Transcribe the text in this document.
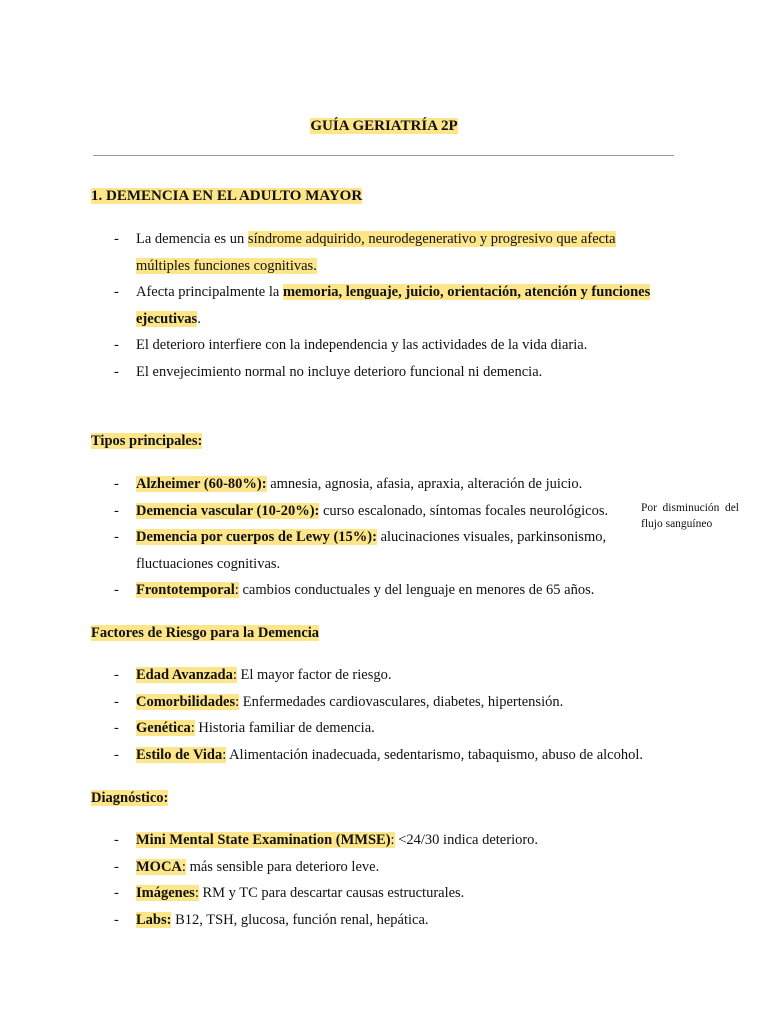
GUÍA GERIATRÍA 2P
1. DEMENCIA EN EL ADULTO MAYOR
- La demencia es un síndrome adquirido, neurodegenerativo y progresivo que afecta múltiples funciones cognitivas.
- Afecta principalmente la memoria, lenguaje, juicio, orientación, atención y funciones ejecutivas.
- El deterioro interfiere con la independencia y las actividades de la vida diaria.
- El envejecimiento normal no incluye deterioro funcional ni demencia.
Tipos principales:
- Alzheimer (60-80%): amnesia, agnosia, afasia, apraxia, alteración de juicio.
- Demencia vascular (10-20%): curso escalonado, síntomas focales neurológicos.
- Demencia por cuerpos de Lewy (15%): alucinaciones visuales, parkinsonismo, fluctuaciones cognitivas.
- Frontotemporal: cambios conductuales y del lenguaje en menores de 65 años.
Por disminución del flujo sanguíneo
Factores de Riesgo para la Demencia
- Edad Avanzada: El mayor factor de riesgo.
- Comorbilidades: Enfermedades cardiovasculares, diabetes, hipertensión.
- Genética: Historia familiar de demencia.
- Estilo de Vida: Alimentación inadecuada, sedentarismo, tabaquismo, abuso de alcohol.
Diagnóstico:
- Mini Mental State Examination (MMSE): <24/30 indica deterioro.
- MOCA: más sensible para deterioro leve.
- Imágenes: RM y TC para descartar causas estructurales.
- Labs: B12, TSH, glucosa, función renal, hepática.
